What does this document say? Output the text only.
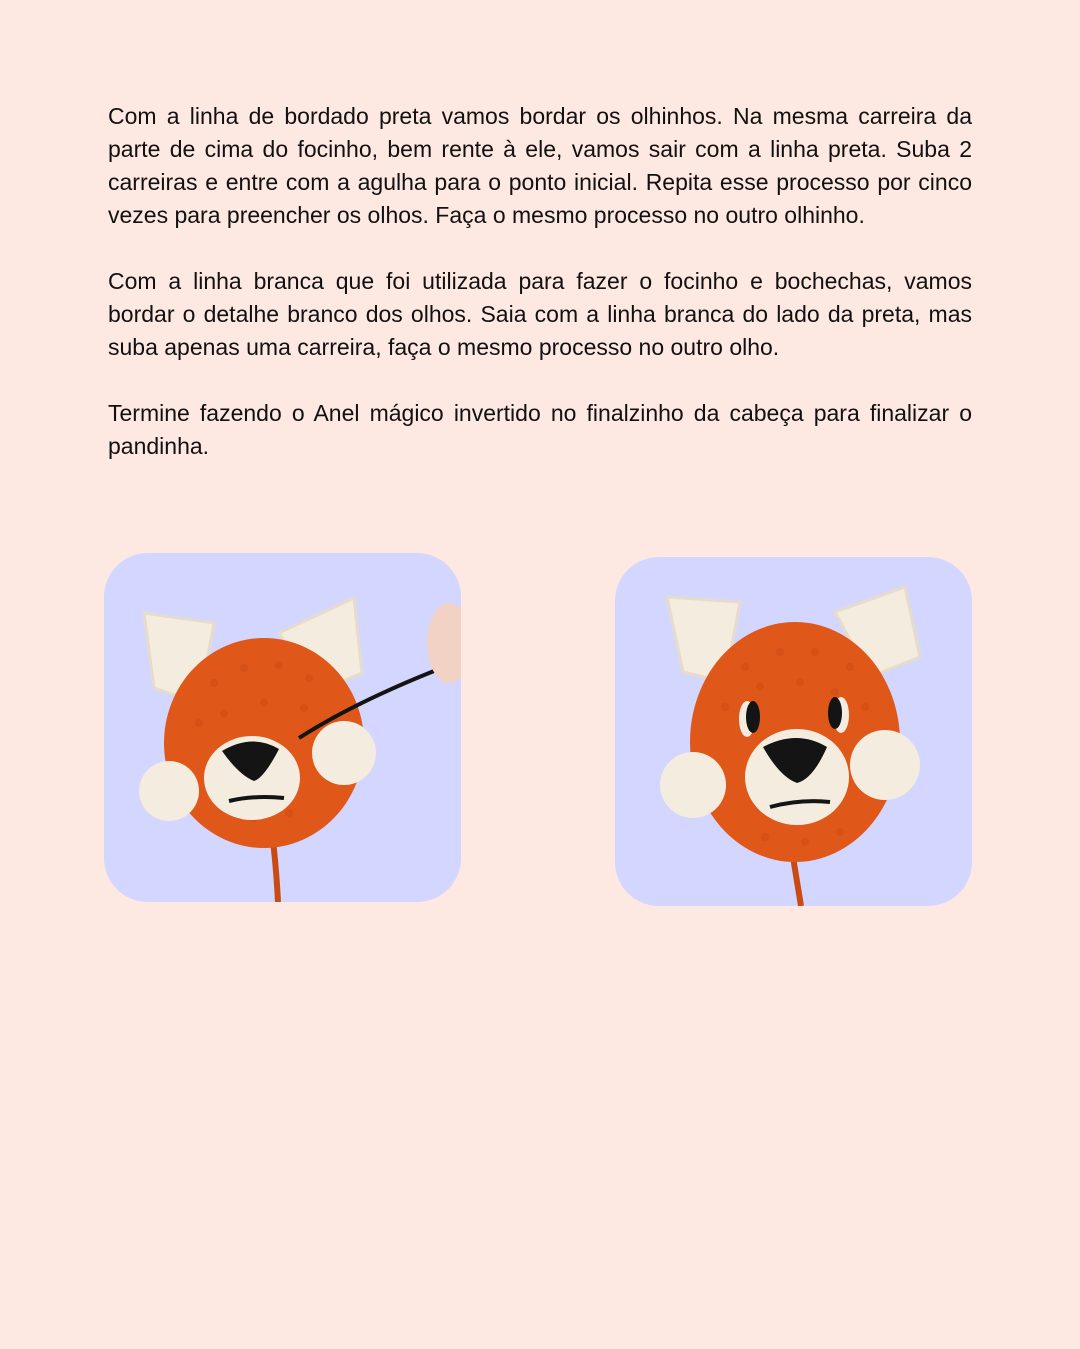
Com a linha de bordado preta vamos bordar os olhinhos. Na mesma carreira da parte de cima do focinho, bem rente à ele, vamos sair com a linha preta. Suba 2 carreiras e entre com a agulha para o ponto inicial. Repita esse processo por cinco vezes para preencher os olhos. Faça o mesmo processo no outro olhinho.

Com a linha branca que foi utilizada para fazer o focinho e bochechas, vamos bordar o detalhe branco dos olhos. Saia com a linha branca do lado da preta, mas suba apenas uma carreira, faça o mesmo processo no outro olho.

Termine fazendo o Anel mágico invertido no finalzinho da cabeça para finalizar o pandinha.
